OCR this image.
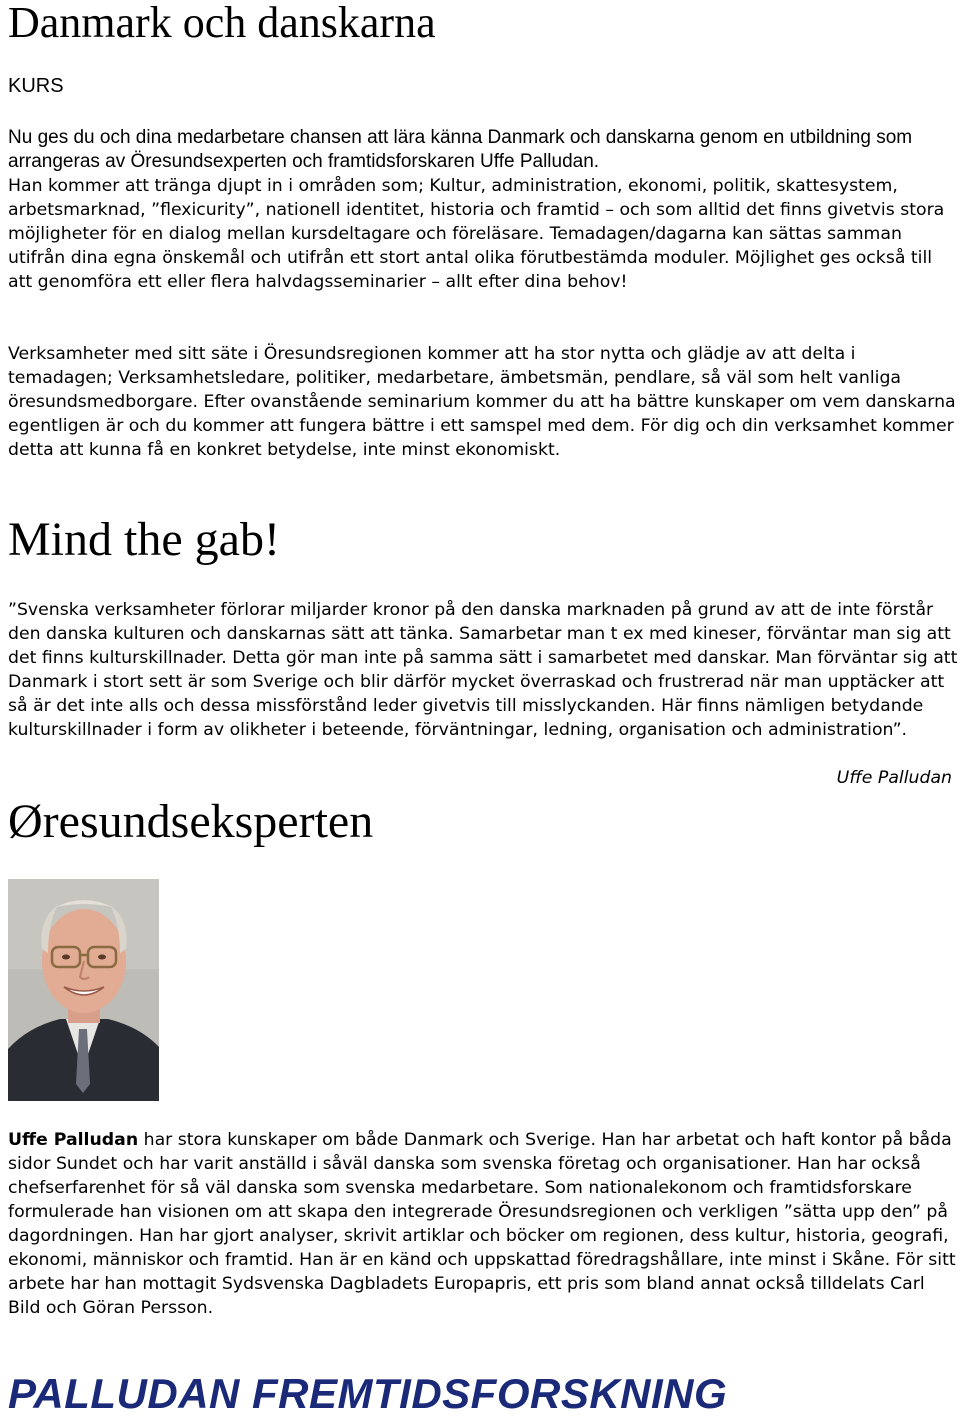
Danmark och danskarna
KURS
Nu ges du och dina medarbetare chansen att lära känna Danmark och danskarna genom en utbildning som arrangeras av Öresundsexperten och framtidsforskaren Uffe Palludan.

Han kommer att tränga djupt in i områden som; Kultur, administration, ekonomi, politik, skattesystem, arbetsmarknad, ”flexicurity”, nationell identitet, historia och framtid – och som alltid det finns givetvis stora möjligheter för en dialog mellan kursdeltagare och föreläsare. Temadagen/dagarna kan sättas samman utifrån dina egna önskemål och utifrån ett stort antal olika förutbestämda moduler. Möjlighet ges också till att genomföra ett eller flera halvdagsseminarier – allt efter dina behov!

Verksamheter med sitt säte i Öresundsregionen kommer att ha stor nytta och glädje av att delta i temadagen; Verksamhetsledare, politiker, medarbetare, ämbetsmän, pendlare, så väl som helt vanliga öresundsmedborgare. Efter ovanstående seminarium kommer du att ha bättre kunskaper om vem danskarna egentligen är och du kommer att fungera bättre i ett samspel med dem. För dig och din verksamhet kommer detta att kunna få en konkret betydelse, inte minst ekonomiskt.

Mind the gab!

”Svenska verksamheter förlorar miljarder kronor på den danska marknaden på grund av att de inte förstår den danska kulturen och danskarnas sätt att tänka. Samarbetar man t ex med kineser, förväntar man sig att det finns kulturskillnader. Detta gör man inte på samma sätt i samarbetet med danskar. Man förväntar sig att Danmark i stort sett är som Sverige och blir därför mycket överraskad och frustrerad när man upptäcker att så är det inte alls och dessa missförstånd leder givetvis till misslyckanden. Här finns nämligen betydande kulturskillnader i form av olikheter i beteende, förväntningar, ledning, organisation och administration”.

Uffe Palludan
Øresundseksperten

Uffe Palludan har stora kunskaper om både Danmark och Sverige. Han har arbetat och haft kontor på båda sidor Sundet och har varit anställd i såväl danska som svenska företag och organisationer. Han har också chefserfarenhet för så väl danska som svenska medarbetare. Som nationalekonom och framtidsforskare formulerade han visionen om att skapa den integrerade Öresundsregionen och verkligen ”sätta upp den” på dagordningen. Han har gjort analyser, skrivit artiklar och böcker om regionen, dess kultur, historia, geografi, ekonomi, människor och framtid. Han är en känd och uppskattad föredragshållare, inte minst i Skåne. För sitt arbete har han mottagit Sydsvenska Dagbladets Europapris, ett pris som bland annat också tilldelats Carl Bild och Göran Persson.

PALLUDAN FREMTIDSFORSKNING
